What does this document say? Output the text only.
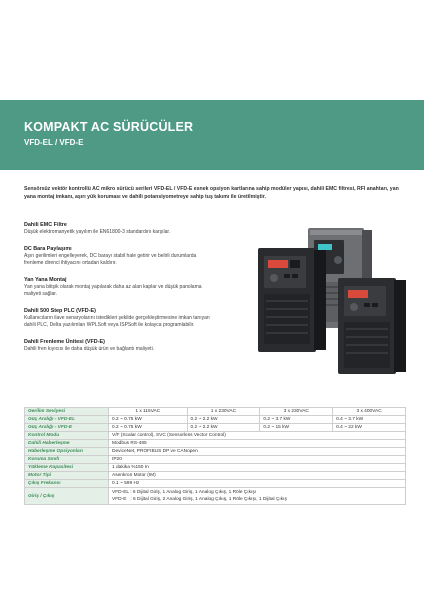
KOMPAKT AC SÜRÜCÜLER
VFD-EL / VFD-E
Sensörsüz vektör kontrollü AC mikro sürücü serileri VFD-EL / VFD-E esnek opsiyon kartlarına sahip modüler yapısı, dahili EMC filtresi, RFI anahtarı, yan yana montaj imkanı, aşırı yük koruması ve dahili potansiyometreye sahip tuş takımı ile üretilmiştir.
Dahili EMC Filtre
Düşük elektromanyetik yayılım ile EN61800-3 standardını karşılar.
DC Bara Paylaşımı
Aşırı gerilimleri engelleyerek, DC barayı stabil hale getirir ve belirli durumlarda
frenleme direnci ihtiyacını ortadan kaldırır.
Yan Yana Montaj
Yan yana bitişik olarak montaj yapılarak daha az alan kaplar ve düşük panolama
maliyeti sağlar.
Dahili 500 Step PLC (VFD-E)
Kullanıcıların ilave senaryolarını istedikleri şekilde gerçekleştirmesine imkan tanıyan
dahili PLC, Delta yazılımları WPLSoft veya ISPSoft ile kolayca programlabilir.
Dahili Frenleme Ünitesi (VFD-E)
Dahili fren kıyıcısı ile daha düşük ürün ve bağlantı maliyeti.
Gerilim Seviyesi	1 x 115VAC	1 x 230VAC	3 x 230VAC	3 x 400VAC
Güç Aralığı - VFD-EL	0.2 ~ 0.75 kW	0.2 ~ 2.2 kW	0.2 ~ 3.7 kW	0.4 ~ 3.7 kW
Güç Aralığı - VFD-E	0.2 ~ 0.75 kW	0.2 ~ 2.2 kW	0.2 ~ 15 kW	0.4 ~ 22 kW
Kontrol Modu	V/F (Scalar control), SVC (Sensorless Vector Control)			
Dahili Haberleşme	Modbus RS-485			
Haberleşme Opsiyonları	DeviceNet, PROFIBUS DP ve CANopen			
Koruma Sınıfı	IP20			
Yükleme Kapasitesi	1 dakika %150 In			
Motor Tipi	Asenkron Motor (IM)			
Çıkış Frekansı	0.1 ~ 599 Hz			
Giriş / Çıkış	VFD-EL : 6 Dijital Giriş, 1 Analog Giriş, 1 Analog Çıkış, 1 Röle Çıkışı
VFD-E   : 6 Dijital Giriş, 2 Analog Giriş, 1 Analog Çıkış, 1 Röle Çıkışı, 1 Dijital Çıkış			
